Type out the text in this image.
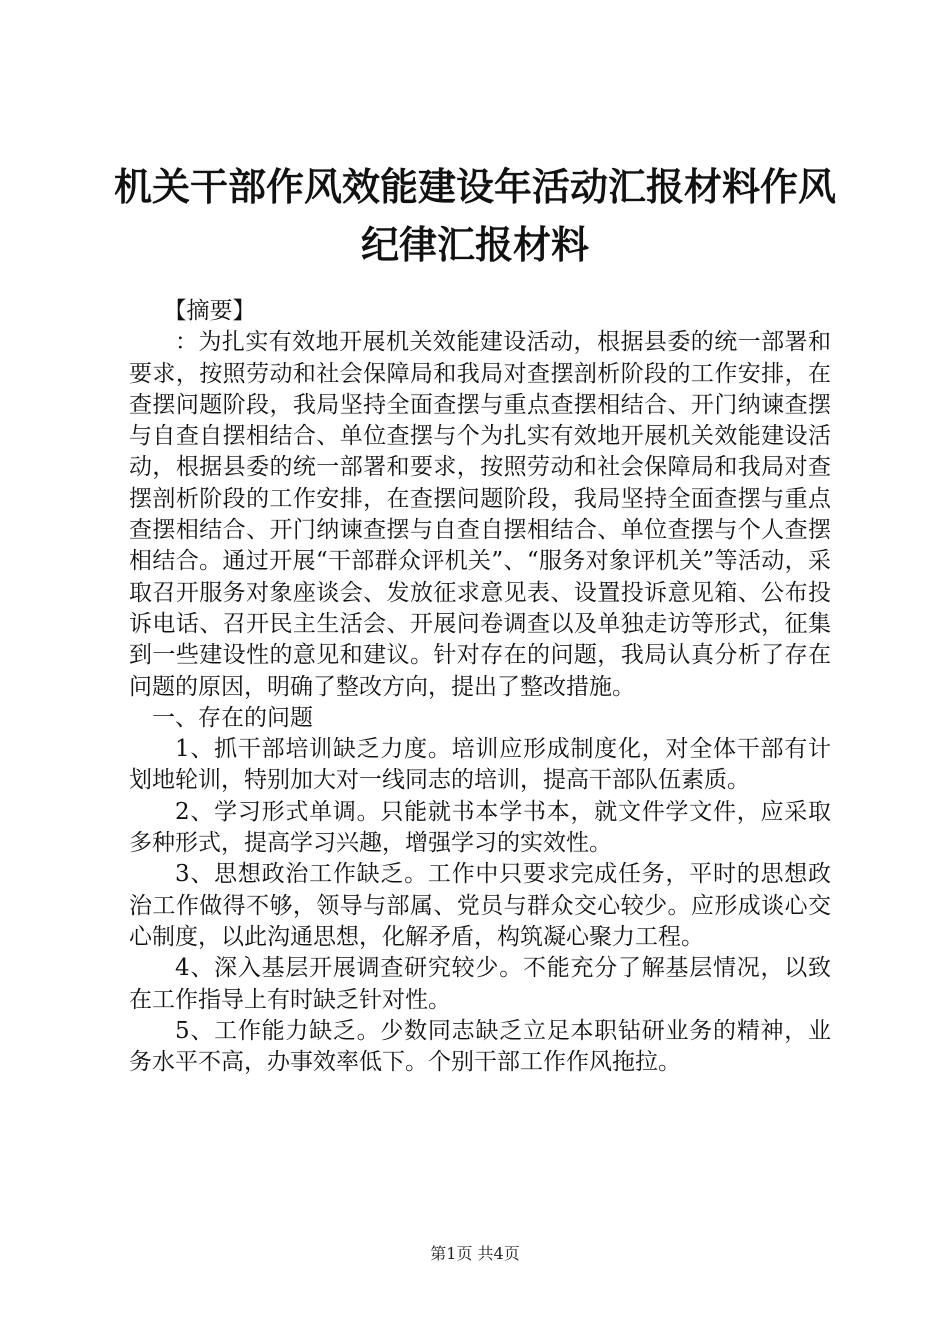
机关干部作风效能建设年活动汇报材料作风纪律汇报材料

【摘要】

：为扎实有效地开展机关效能建设活动，根据县委的统一部署和要求，按照劳动和社会保障局和我局对查摆剖析阶段的工作安排，在查摆问题阶段，我局坚持全面查摆与重点查摆相结合、开门纳谏查摆与自查自摆相结合、单位查摆与个为扎实有效地开展机关效能建设活动，根据县委的统一部署和要求，按照劳动和社会保障局和我局对查摆剖析阶段的工作安排，在查摆问题阶段，我局坚持全面查摆与重点查摆相结合、开门纳谏查摆与自查自摆相结合、单位查摆与个人查摆相结合。通过开展“干部群众评机关”、“服务对象评机关”等活动，采取召开服务对象座谈会、发放征求意见表、设置投诉意见箱、公布投诉电话、召开民主生活会、开展问卷调查以及单独走访等形式，征集到一些建设性的意见和建议。针对存在的问题，我局认真分析了存在问题的原因，明确了整改方向，提出了整改措施。

一、存在的问题

1、抓干部培训缺乏力度。培训应形成制度化，对全体干部有计划地轮训，特别加大对一线同志的培训，提高干部队伍素质。

2、学习形式单调。只能就书本学书本，就文件学文件，应采取多种形式，提高学习兴趣，增强学习的实效性。

3、思想政治工作缺乏。工作中只要求完成任务，平时的思想政治工作做得不够，领导与部属、党员与群众交心较少。应形成谈心交心制度，以此沟通思想，化解矛盾，构筑凝心聚力工程。

4、深入基层开展调查研究较少。不能充分了解基层情况，以致在工作指导上有时缺乏针对性。

5、工作能力缺乏。少数同志缺乏立足本职钻研业务的精神，业务水平不高，办事效率低下。个别干部工作作风拖拉。

第1页 共4页
